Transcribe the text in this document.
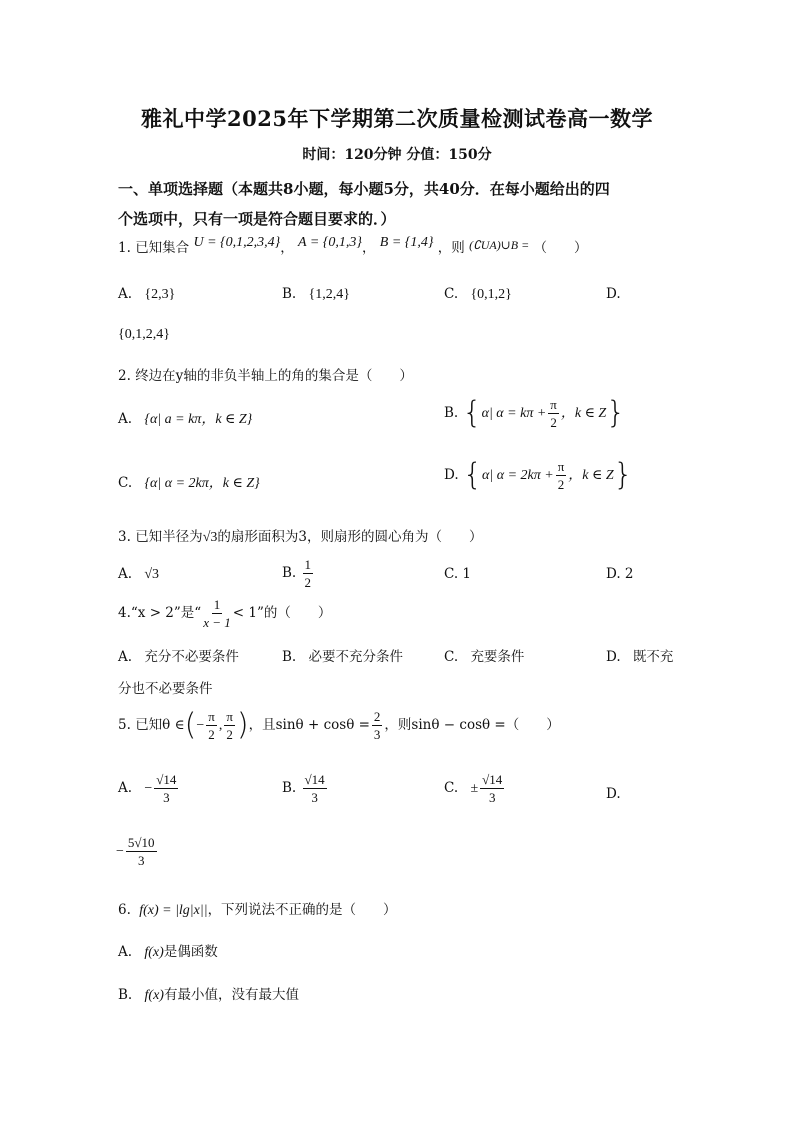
雅礼中学2025年下学期第二次质量检测试卷高一数学
时间：120分钟 分值：150分
一、单项选择题（本题共8小题，每小题5分，共40分．在每小题给出的四
个选项中，只有一项是符合题目要求的．）
1. 已知集合 U = {0,1,2,3,4}， A = {0,1,3}， B = {1,4} ，则 (∁UA)∪B = （　　）
A. {2,3}	B. {1,2,4}	C. {0,1,2}	D.
{0,1,2,4}
2. 终边在y轴的非负半轴上的角的集合是（　　）
A. {α| a = kπ，k ∈ Z}	B. {α| $\alpha = k\pi + \frac{\pi}{2}$ ，k ∈ Z}
C. {α| α = 2kπ，k ∈ Z}
D. {α| $\alpha = 2k\pi + \frac{\pi}{2}$ ，k ∈ Z}
3. 已知半径为√3的扇形面积为3，则扇形的圆心角为（　　）
A. √3	B. $\frac{1}{2}$	C. 1	D. 2
4.“x > 2”是“ $\frac{1}{x - 1} < 1$”的（　　）
A. 充分不必要条件	B. 必要不充分条件	C. 充要条件	D. 既不充
分也不必要条件
5. 已知θ ∈(− $\frac{\pi}{2}$ , $\frac{\pi}{2}$ )，且$\sin\theta + \cos\theta = \frac{2}{3}$ ，则sinθ − cosθ =（　　）
A. − $\frac{√14}{3}$	B. $\frac{√14}{3}$	C. ± $\frac{√14}{3}$	D.
− $\frac{5√10}{3}$
6. f(x) = |lg|x||，下列说法不正确的是（　　）
A. f(x)是偶函数
B. f(x)有最小值，没有最大值
